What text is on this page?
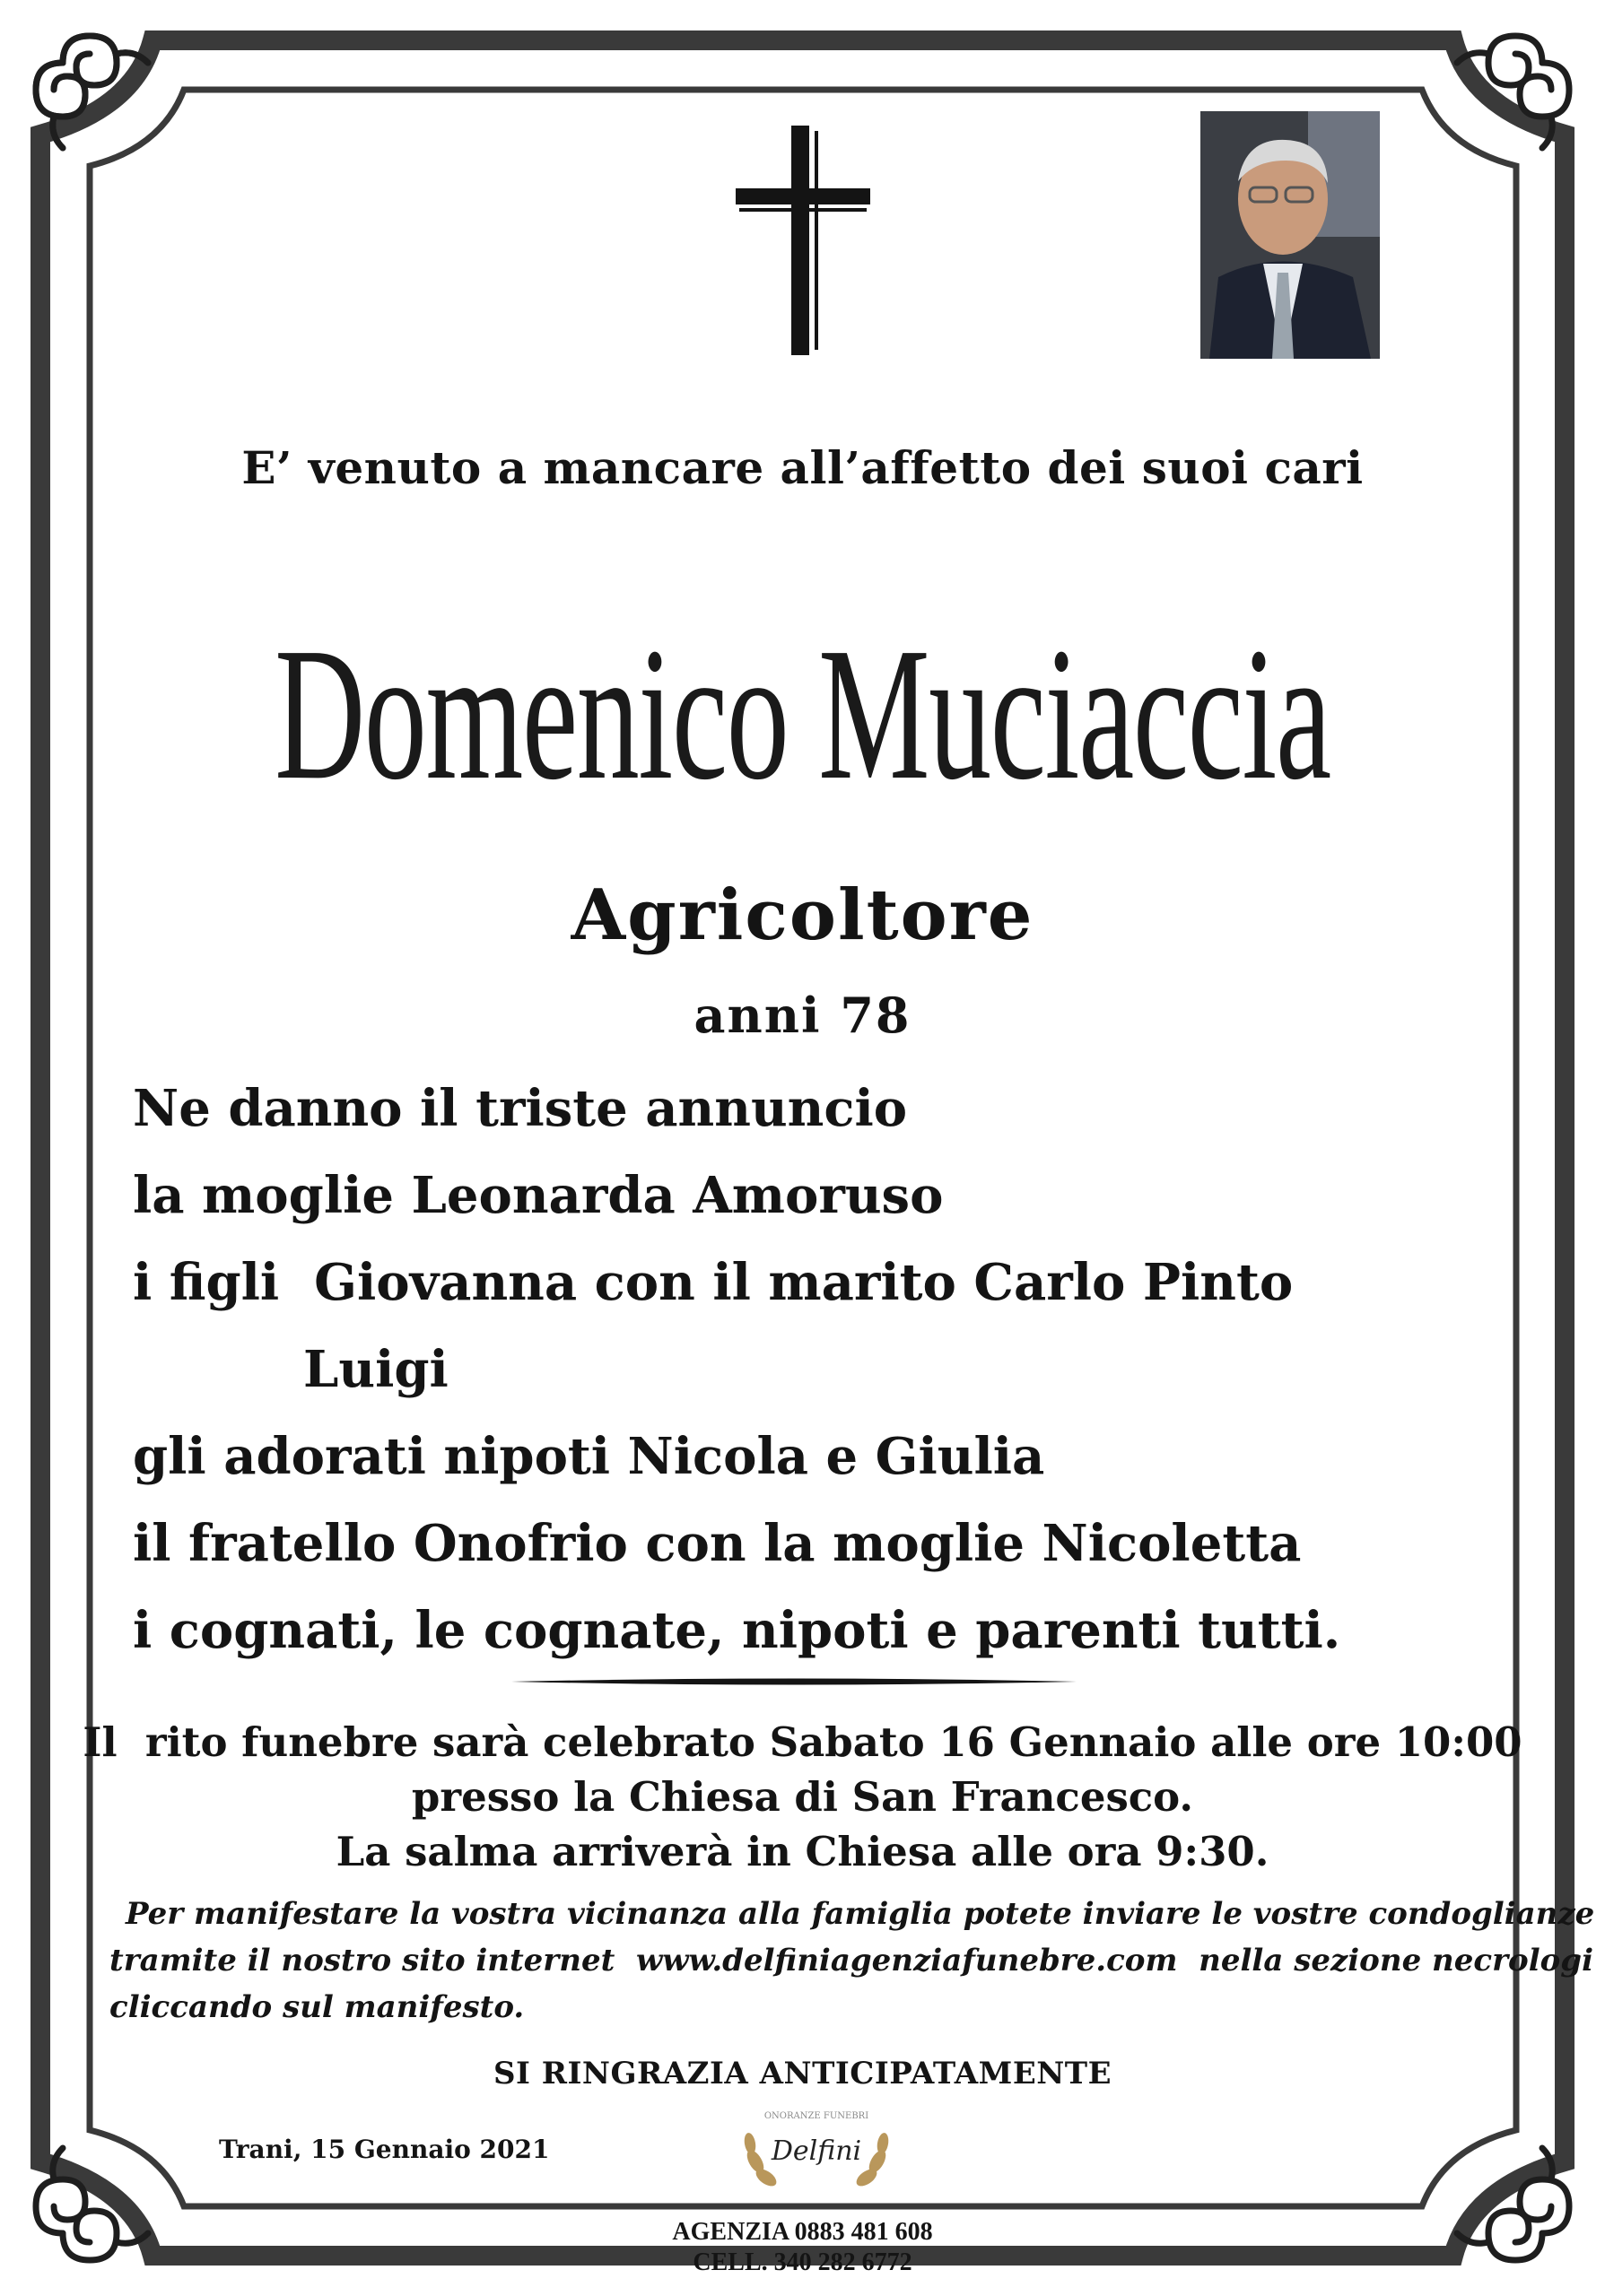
E’ venuto a mancare all’affetto dei suoi cari
Domenico Muciaccia
Agricoltore
anni 78
Ne danno il triste annuncio
la moglie Leonarda Amoruso
i figli  Giovanna con il marito Carlo Pinto
Luigi
gli adorati nipoti Nicola e Giulia
il fratello Onofrio con la moglie Nicoletta
i cognati, le cognate, nipoti e parenti tutti.
Il  rito funebre sarà celebrato Sabato 16 Gennaio alle ore 10:00
presso la Chiesa di San Francesco.
La salma arriverà in Chiesa alle ora 9:30.
Per manifestare la vostra vicinanza alla famiglia potete inviare le vostre condoglianze
tramite il nostro sito internet  www.delfiniagenziafunebre.com  nella sezione necrologi
cliccando sul manifesto.
SI RINGRAZIA ANTICIPATAMENTE
Trani, 15 Gennaio 2021
ONORANZE FUNEBRI
Delfini
AGENZIA 0883 481 608
CELL. 340 282 6772
